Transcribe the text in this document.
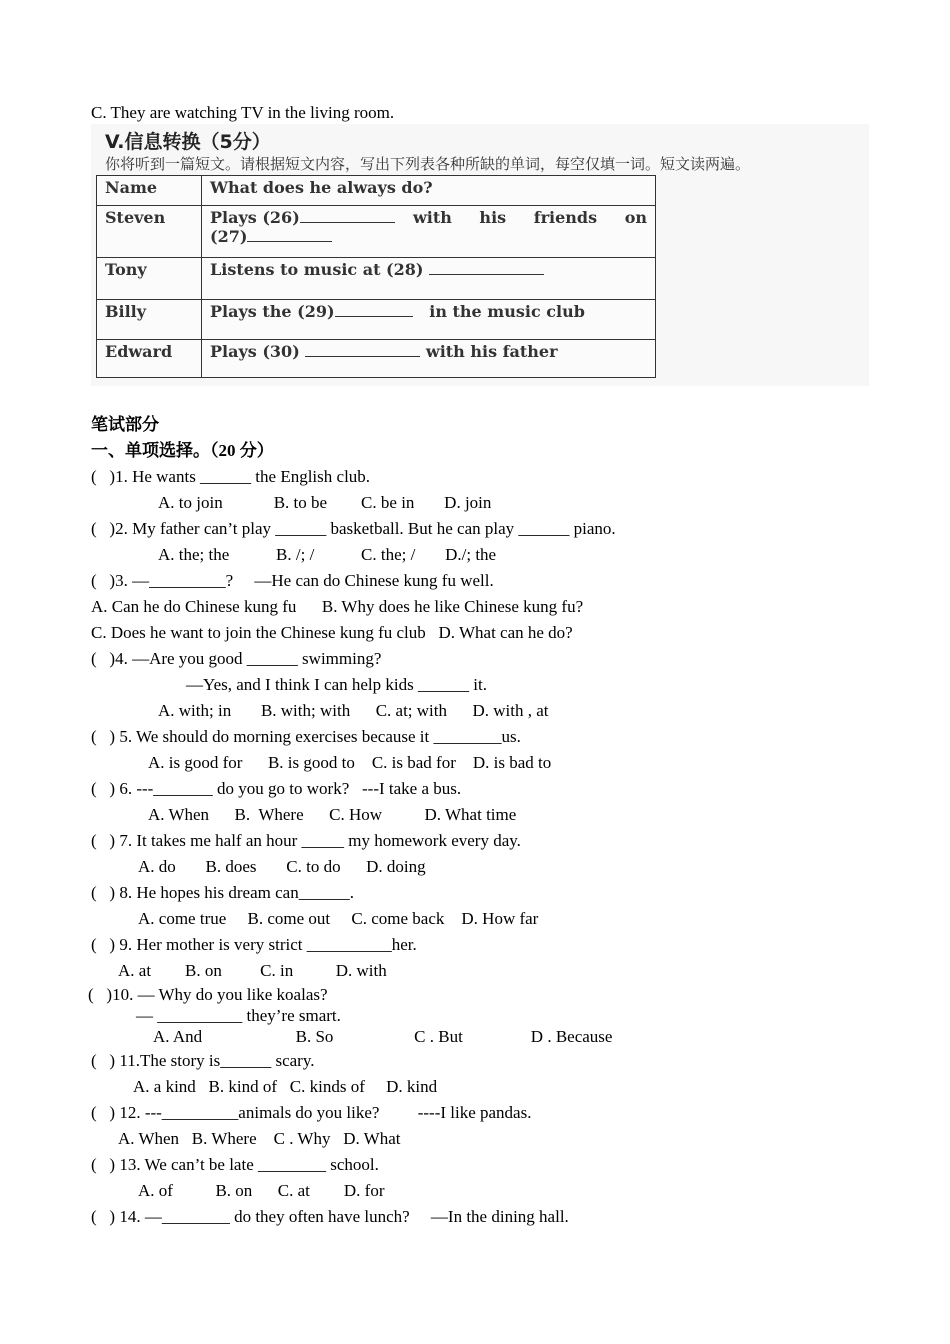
C. They are watching TV in the living room.
V.信息转换（5分）
你将听到一篇短文。请根据短文内容，写出下列表各种所缺的单词，每空仅填一词。短文读两遍。
Name	What does he always do?
Steven	Plays (26) with his friends on
(27)

Tony	Listens to music at (28)
Billy	Plays the (29) in the music club
Edward	Plays (30) with his father
笔试部分
一、单项选择。（20 分）
(   )1. He wants ______ the English club.
A. to join            B. to be        C. be in       D. join
(   )2. My father can’t play ______ basketball. But he can play ______ piano.
A. the; the           B. /; /           C. the; /       D./; the
(   )3. —_________?     —He can do Chinese kung fu well.
A. Can he do Chinese kung fu      B. Why does he like Chinese kung fu?
C. Does he want to join the Chinese kung fu club   D. What can he do?
(   )4. —Are you good ______ swimming?
—Yes, and I think I can help kids ______ it.
A. with; in       B. with; with      C. at; with      D. with , at
(   ) 5. We should do morning exercises because it ________us.
A. is good for      B. is good to    C. is bad for    D. is bad to
(   ) 6. ---_______ do you go to work?   ---I take a bus.
A. When      B.  Where      C. How          D. What time
(   ) 7. It takes me half an hour _____ my homework every day.
A. do       B. does       C. to do      D. doing
(   ) 8. He hopes his dream can______.
A. come true     B. come out     C. come back    D. How far
(   ) 9. Her mother is very strict __________her.
A. at        B. on         C. in          D. with
(   )10. — Why do you like koalas?
— __________ they’re smart.
A. And                      B. So                   C . But                D . Because
(   ) 11.The story is______ scary.
A. a kind   B. kind of   C. kinds of     D. kind
(   ) 12. ---_________animals do you like?         ----I like pandas.
A. When   B. Where    C . Why   D. What
(   ) 13. We can’t be late ________ school.
A. of          B. on      C. at        D. for
(   ) 14. —________ do they often have lunch?     —In the dining hall.
